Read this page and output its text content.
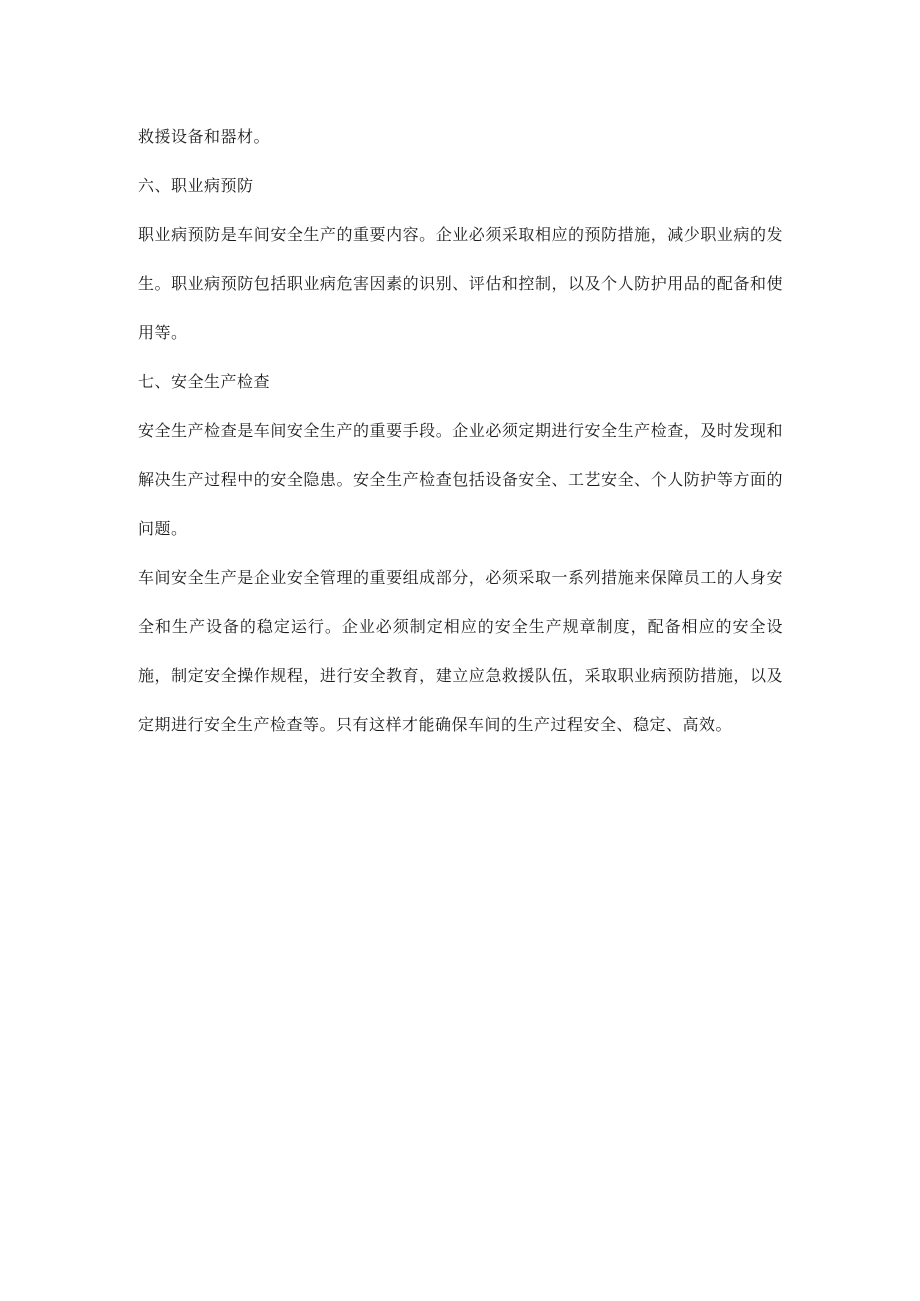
救援设备和器材。

六、职业病预防

职业病预防是车间安全生产的重要内容。企业必须采取相应的预防措施，减少职业病的发生。职业病预防包括职业病危害因素的识别、评估和控制，以及个人防护用品的配备和使用等。

七、安全生产检查

安全生产检查是车间安全生产的重要手段。企业必须定期进行安全生产检查，及时发现和解决生产过程中的安全隐患。安全生产检查包括设备安全、工艺安全、个人防护等方面的问题。

车间安全生产是企业安全管理的重要组成部分，必须采取一系列措施来保障员工的人身安全和生产设备的稳定运行。企业必须制定相应的安全生产规章制度，配备相应的安全设施，制定安全操作规程，进行安全教育，建立应急救援队伍，采取职业病预防措施，以及定期进行安全生产检查等。只有这样才能确保车间的生产过程安全、稳定、高效。
